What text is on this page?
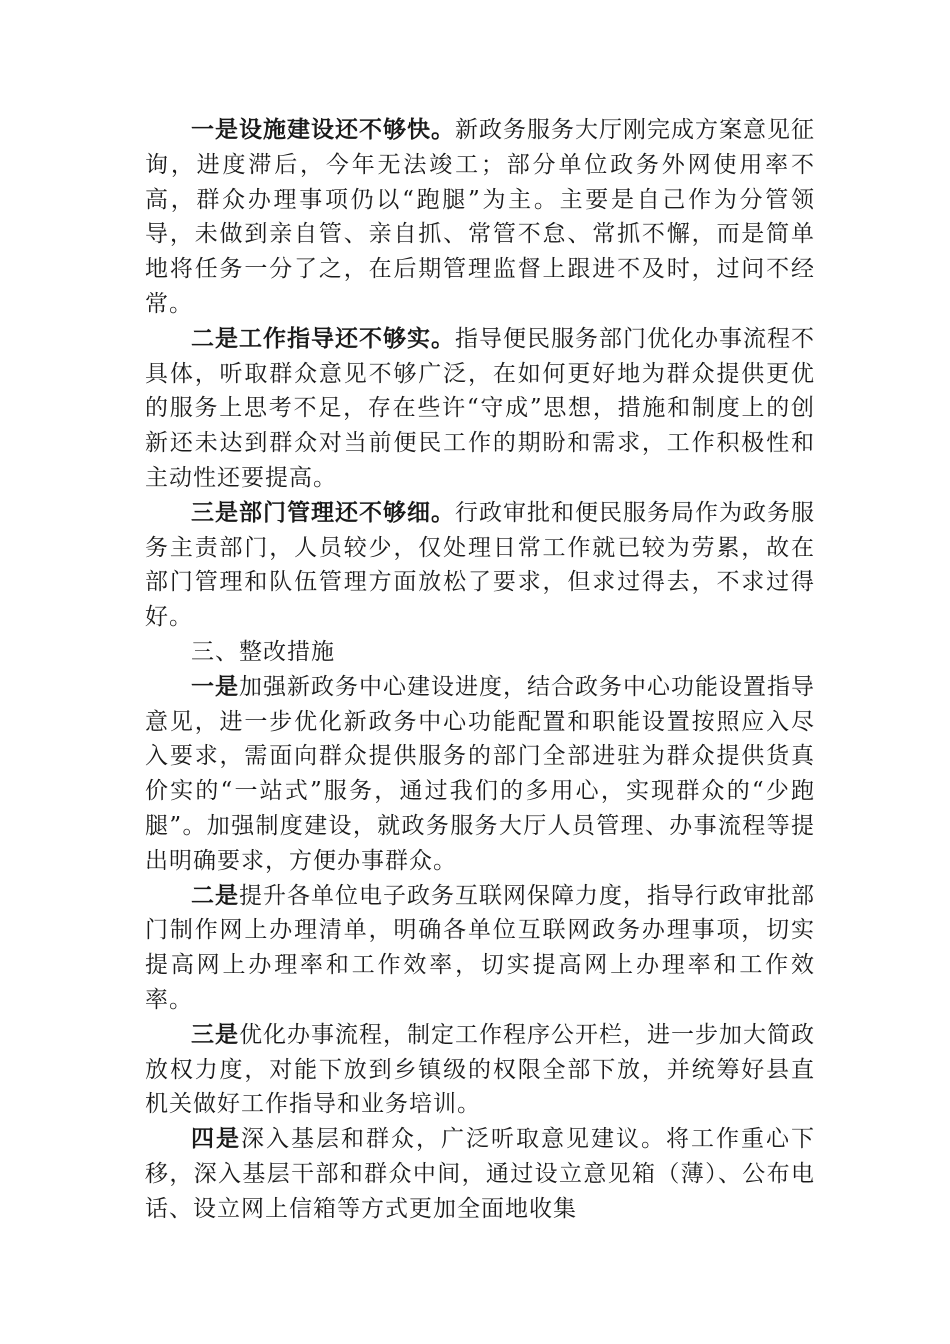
一是设施建设还不够快。新政务服务大厅刚完成方案意见征询，进度滞后，今年无法竣工；部分单位政务外网使用率不高，群众办理事项仍以“跑腿”为主。主要是自己作为分管领导，未做到亲自管、亲自抓、常管不怠、常抓不懈，而是简单地将任务一分了之，在后期管理监督上跟进不及时，过问不经常。

二是工作指导还不够实。指导便民服务部门优化办事流程不具体，听取群众意见不够广泛，在如何更好地为群众提供更优的服务上思考不足，存在些许“守成”思想，措施和制度上的创新还未达到群众对当前便民工作的期盼和需求，工作积极性和主动性还要提高。

三是部门管理还不够细。行政审批和便民服务局作为政务服务主责部门，人员较少，仅处理日常工作就已较为劳累，故在部门管理和队伍管理方面放松了要求，但求过得去，不求过得好。

三、整改措施

一是加强新政务中心建设进度，结合政务中心功能设置指导意见，进一步优化新政务中心功能配置和职能设置按照应入尽入要求，需面向群众提供服务的部门全部进驻为群众提供货真价实的“一站式”服务，通过我们的多用心，实现群众的“少跑腿”。加强制度建设，就政务服务大厅人员管理、办事流程等提出明确要求，方便办事群众。

二是提升各单位电子政务互联网保障力度，指导行政审批部门制作网上办理清单，明确各单位互联网政务办理事项，切实提高网上办理率和工作效率，切实提高网上办理率和工作效率。

三是优化办事流程，制定工作程序公开栏，进一步加大简政放权力度，对能下放到乡镇级的权限全部下放，并统筹好县直机关做好工作指导和业务培训。

四是深入基层和群众，广泛听取意见建议。将工作重心下移，深入基层干部和群众中间，通过设立意见箱（薄）、公布电话、设立网上信箱等方式更加全面地收集
